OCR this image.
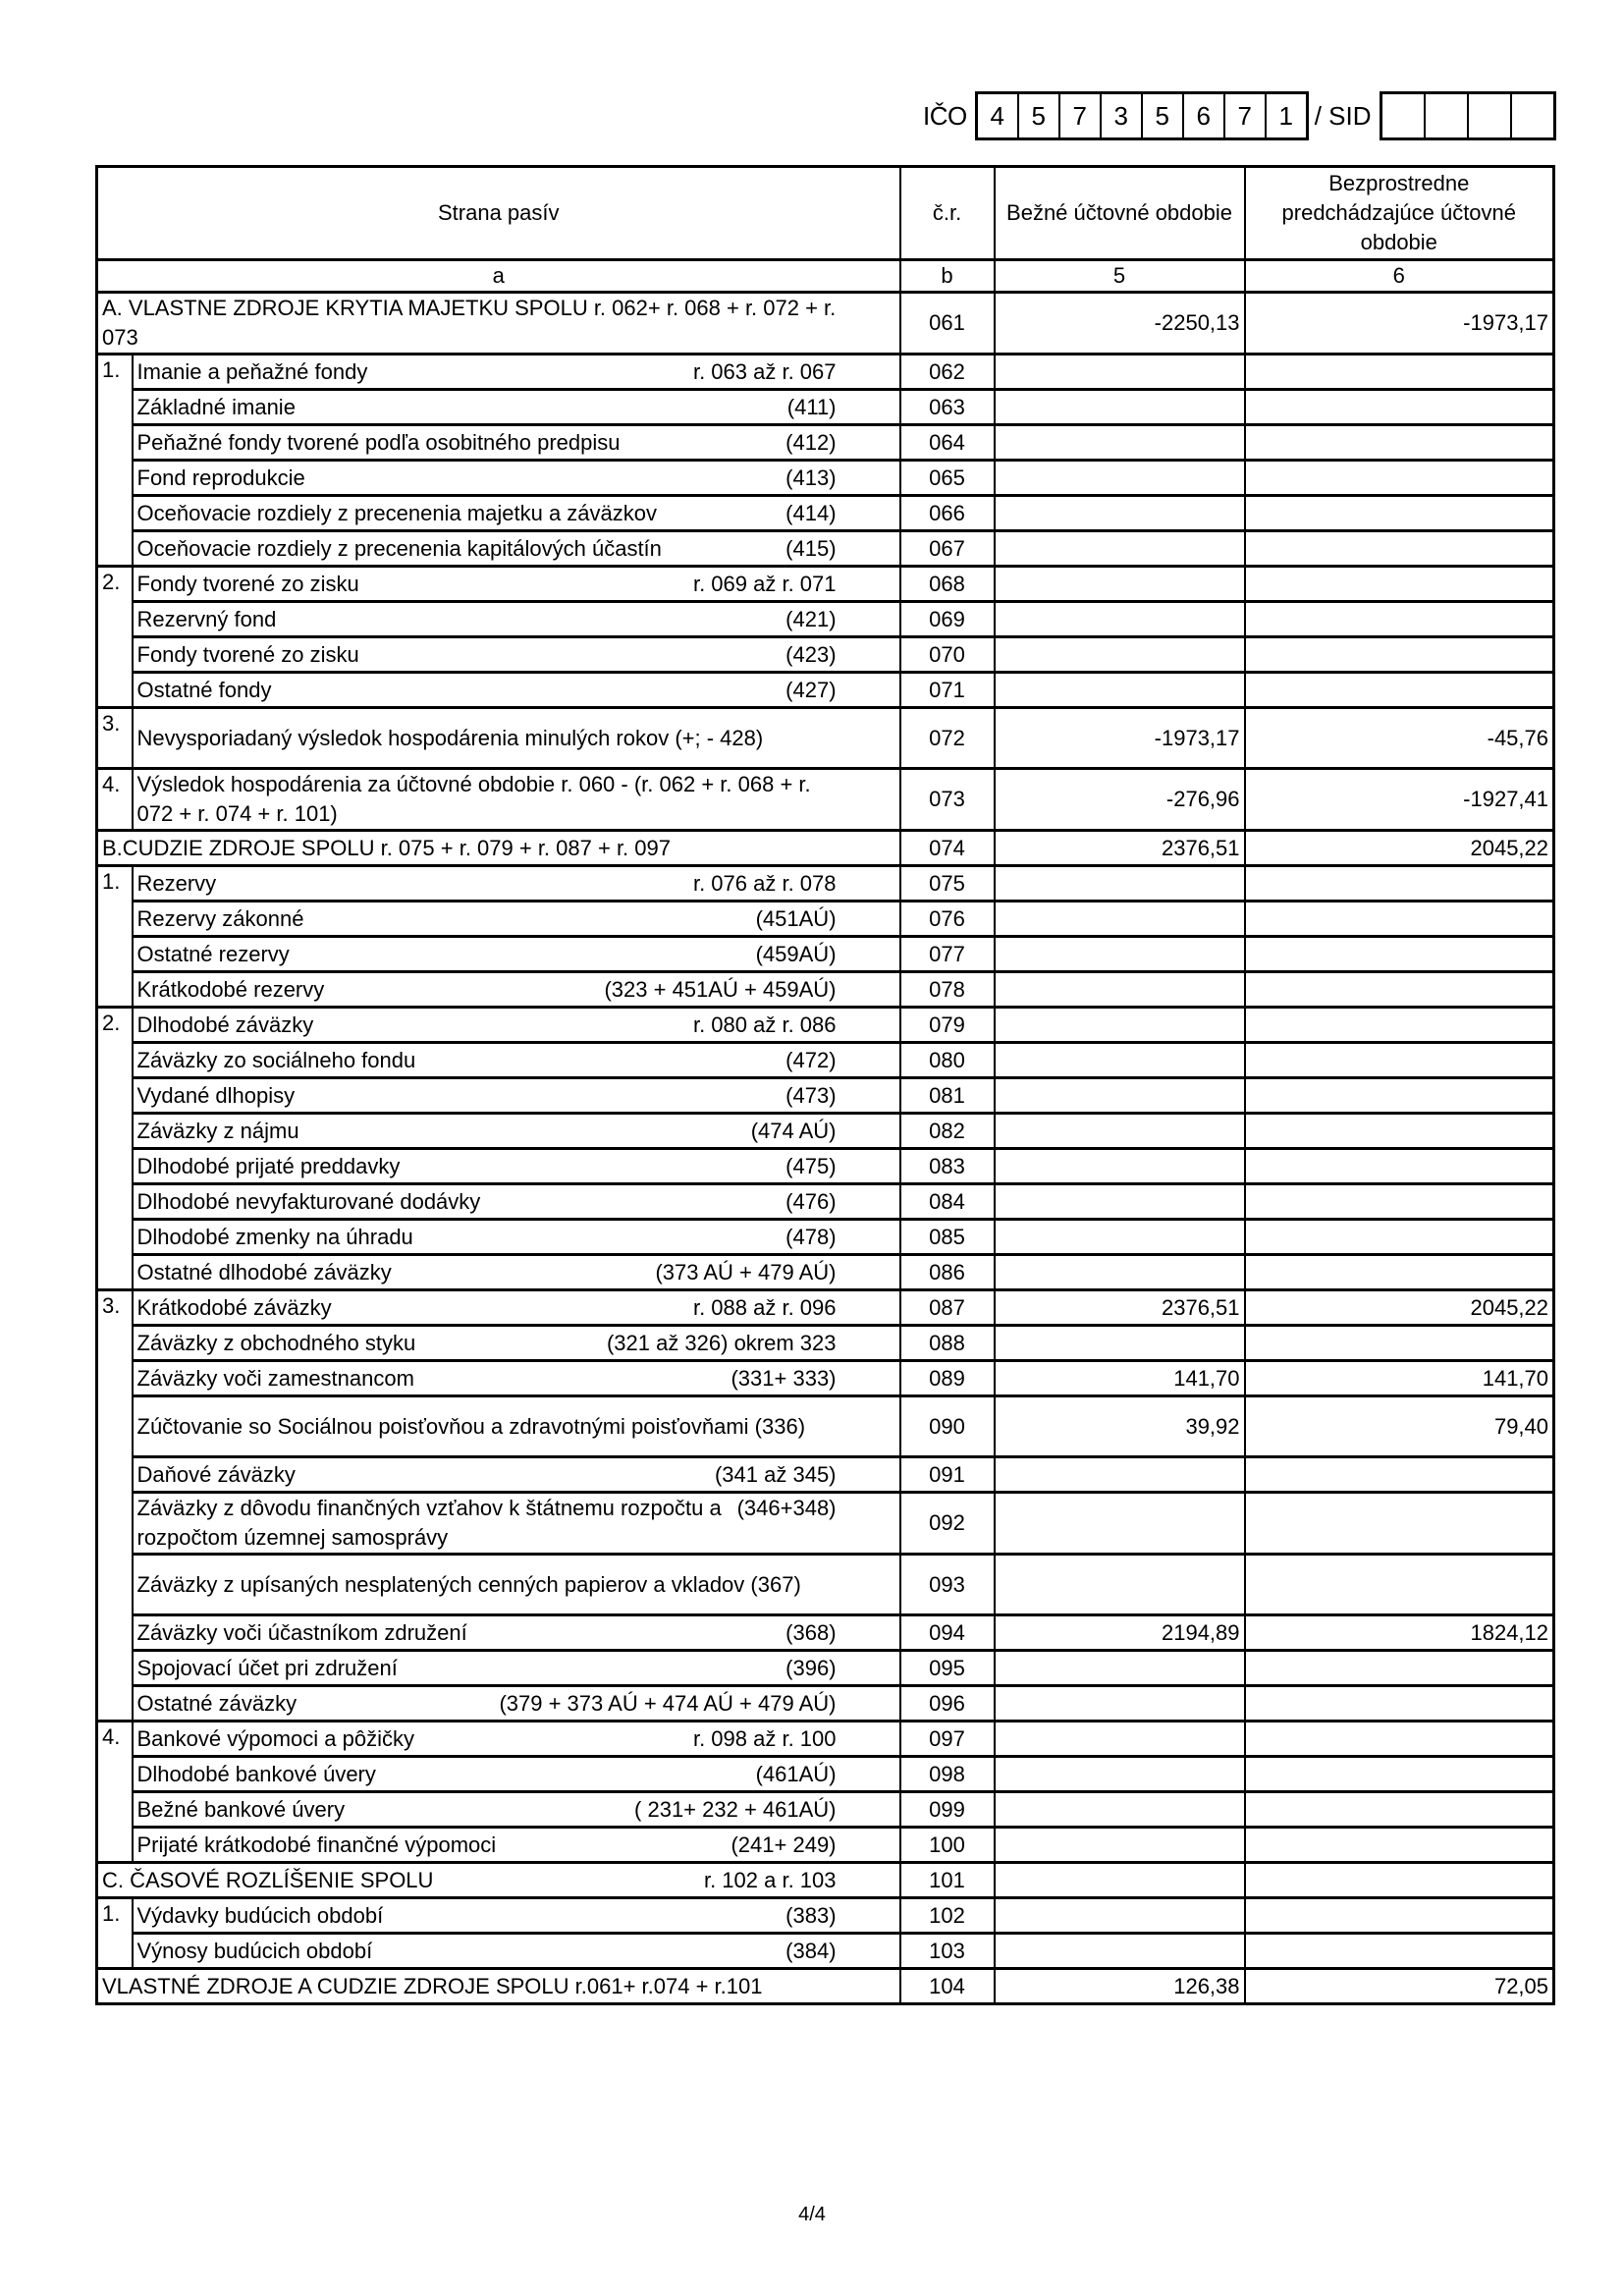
IČO 4	5	7	3	5	6	7	1 / SID
Strana pasív		č.r.	Bežné účtovné obdobie	Bezprostredne predchádzajúce účtovné obdobie
a		b	5	6

A. VLASTNE ZDROJE KRYTIA MAJETKU SPOLU r. 062+ r. 068 + r. 072 + r. 073		061	-2250,13	-1973,17
1.	Imanie a peňažné fondy r. 063 až r. 067	062		

	Základné imanie (411)	063		

	Peňažné fondy tvorené podľa osobitného predpisu (412)	064		

	Fond reprodukcie (413)	065		

	Oceňovacie rozdiely z precenenia majetku a záväzkov (414)	066		

	Oceňovacie rozdiely z precenenia kapitálových účastín (415)	067		
2.	Fondy tvorené zo zisku r. 069 až r. 071	068		

	Rezervný fond (421)	069		

	Fondy tvorené zo zisku (423)	070		

	Ostatné fondy (427)	071		
3.	Nevysporiadaný výsledok hospodárenia minulých rokov (+; - 428)	072	-1973,17	-45,76
4.	Výsledok hospodárenia za účtovné obdobie r. 060 - (r. 062 + r. 068 + r. 072 + r. 074 + r. 101)	073	-276,96	-1927,41

B.CUDZIE ZDROJE SPOLU r. 075 + r. 079 + r. 087 + r. 097		074	2376,51	2045,22
1.	Rezervy r. 076 až r. 078	075		

	Rezervy zákonné (451AÚ)	076		

	Ostatné rezervy (459AÚ)	077		

	Krátkodobé rezervy (323 + 451AÚ + 459AÚ)	078		
2.	Dlhodobé záväzky r. 080 až r. 086	079		

	Záväzky zo sociálneho fondu (472)	080		

	Vydané dlhopisy (473)	081		

	Záväzky z nájmu (474 AÚ)	082		

	Dlhodobé prijaté preddavky (475)	083		

	Dlhodobé nevyfakturované dodávky (476)	084		

	Dlhodobé zmenky na úhradu (478)	085		

	Ostatné dlhodobé záväzky (373 AÚ + 479 AÚ)	086		
3.	Krátkodobé záväzky r. 088 až r. 096	087	2376,51	2045,22

	Záväzky z obchodného styku (321 až 326) okrem 323	088		

	Záväzky voči zamestnancom (331+ 333)	089	141,70	141,70

	Zúčtovanie so Sociálnou poisťovňou a zdravotnými poisťovňami (336)	090	39,92	79,40

	Daňové záväzky (341 až 345)	091		

	Záväzky z dôvodu finančných vzťahov k štátnemu rozpočtu a rozpočtom územnej samosprávy
(346+348)	092		

	Záväzky z upísaných nesplatených cenných papierov a vkladov (367)	093		

	Záväzky voči účastníkom združení (368)	094	2194,89	1824,12

	Spojovací účet pri združení (396)	095		

	Ostatné záväzky (379 + 373 AÚ + 474 AÚ + 479 AÚ)	096		
4.	Bankové výpomoci a pôžičky r. 098 až r. 100	097		

	Dlhodobé bankové úvery (461AÚ)	098		

	Bežné bankové úvery ( 231+ 232 + 461AÚ)	099		

	Prijaté krátkodobé finančné výpomoci (241+ 249)	100		

C. ČASOVÉ ROZLÍŠENIE SPOLU r. 102 a r. 103		101		
1.	Výdavky budúcich období (383)	102		

	Výnosy budúcich období (384)	103		

VLASTNÉ ZDROJE A CUDZIE ZDROJE SPOLU r.061+ r.074 + r.101		104	126,38	72,05
4/4
